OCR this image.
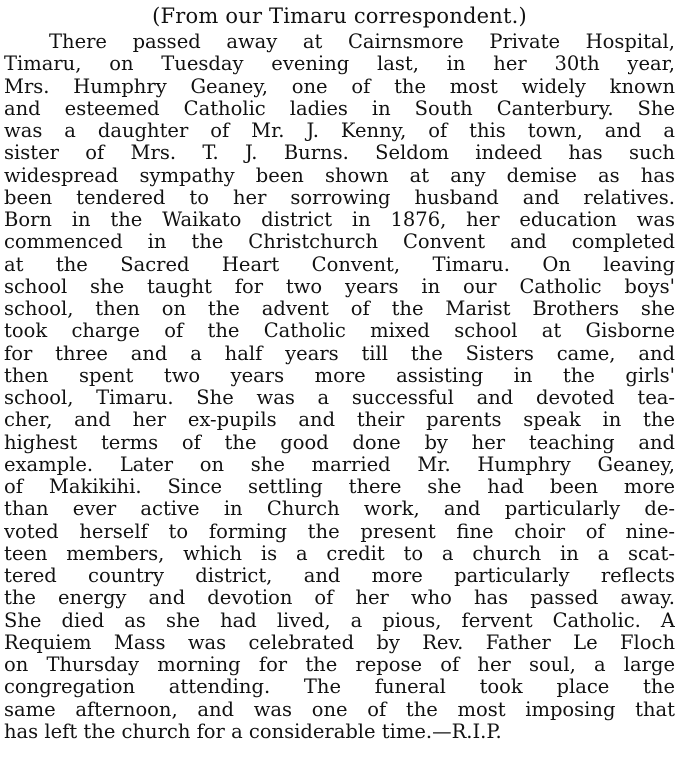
(From our Timaru correspondent.)
There passed away at Cairnsmore Private Hospital,
Timaru, on Tuesday evening last, in her 30th year,
Mrs. Humphry Geaney, one of the most widely known
and esteemed Catholic ladies in South Canterbury. She
was a daughter of Mr. J. Kenny, of this town, and a
sister of Mrs. T. J. Burns. Seldom indeed has such
widespread sympathy been shown at any demise as has
been tendered to her sorrowing husband and relatives.
Born in the Waikato district in 1876, her education was
commenced in the Christchurch Convent and completed
at the Sacred Heart Convent, Timaru. On leaving
school she taught for two years in our Catholic boys'
school, then on the advent of the Marist Brothers she
took charge of the Catholic mixed school at Gisborne
for three and a half years till the Sisters came, and
then spent two years more assisting in the girls'
school, Timaru. She was a successful and devoted tea-
cher, and her ex-pupils and their parents speak in the
highest terms of the good done by her teaching and
example. Later on she married Mr. Humphry Geaney,
of Makikihi. Since settling there she had been more
than ever active in Church work, and particularly de-
voted herself to forming the present fine choir of nine-
teen members, which is a credit to a church in a scat-
tered country district, and more particularly reflects
the energy and devotion of her who has passed away.
She died as she had lived, a pious, fervent Catholic. A
Requiem Mass was celebrated by Rev. Father Le Floch
on Thursday morning for the repose of her soul, a large
congregation attending. The funeral took place the
same afternoon, and was one of the most imposing that
has left the church for a considerable time.—R.I.P.
